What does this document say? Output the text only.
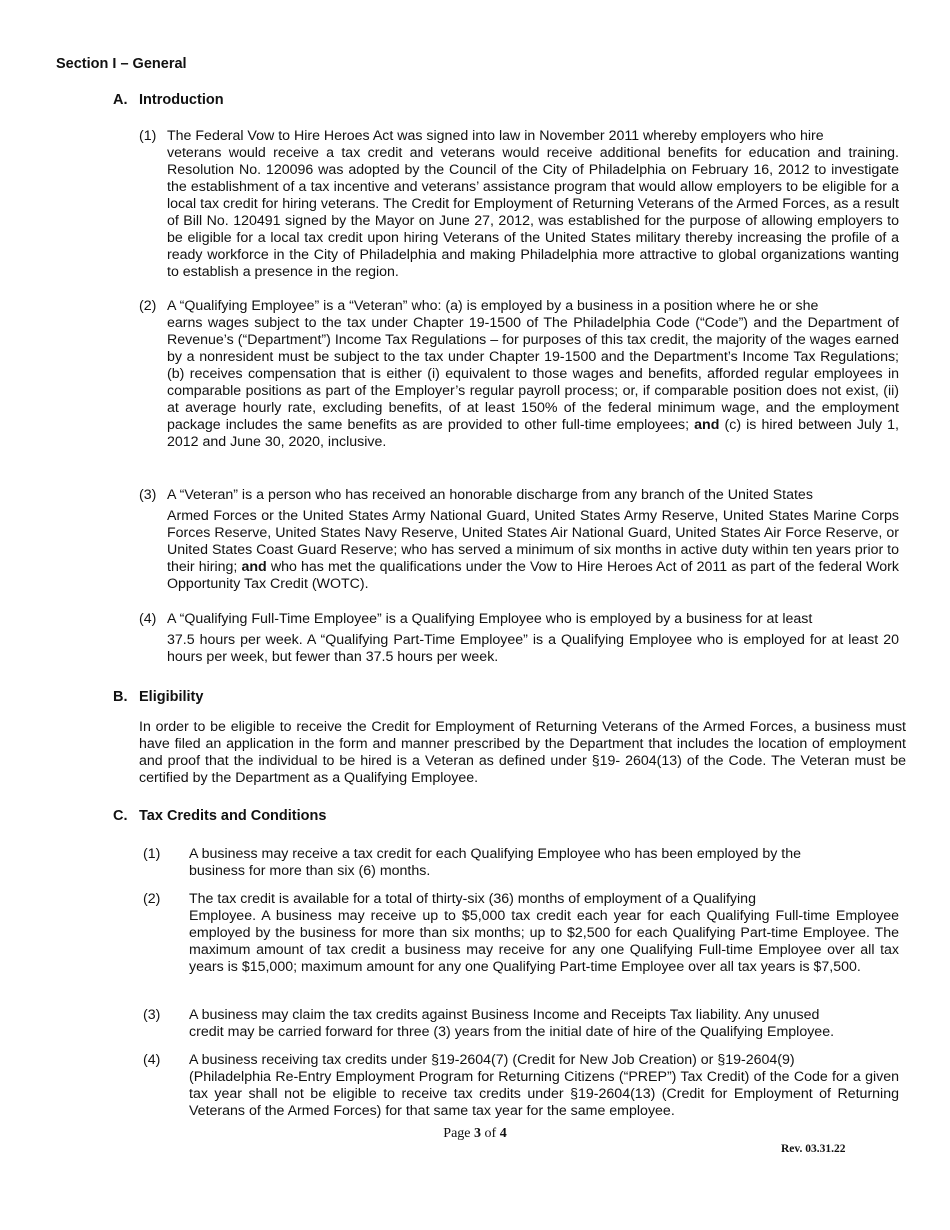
Section I – General
A. Introduction
(1) The Federal Vow to Hire Heroes Act was signed into law in November 2011 whereby employers who hire
veterans would receive a tax credit and veterans would receive additional benefits for education and training. Resolution No. 120096 was adopted by the Council of the City of Philadelphia on February 16, 2012 to investigate the establishment of a tax incentive and veterans’ assistance program that would allow employers to be eligible for a local tax credit for hiring veterans. The Credit for Employment of Returning Veterans of the Armed Forces, as a result of Bill No. 120491 signed by the Mayor on June 27, 2012, was established for the purpose of allowing employers to be eligible for a local tax credit upon hiring Veterans of the United States military thereby increasing the profile of a ready workforce in the City of Philadelphia and making Philadelphia more attractive to global organizations wanting to establish a presence in the region.
(2) A “Qualifying Employee” is a “Veteran” who: (a) is employed by a business in a position where he or she
earns wages subject to the tax under Chapter 19-1500 of The Philadelphia Code (“Code”) and the Department of Revenue’s (“Department”) Income Tax Regulations – for purposes of this tax credit, the majority of the wages earned by a nonresident must be subject to the tax under Chapter 19-1500 and the Department’s Income Tax Regulations; (b) receives compensation that is either (i) equivalent to those wages and benefits, afforded regular employees in comparable positions as part of the Employer’s regular payroll process; or, if comparable position does not exist, (ii) at average hourly rate, excluding benefits, of at least 150% of the federal minimum wage, and the employment package includes the same benefits as are provided to other full-time employees; and (c) is hired between July 1, 2012 and June 30, 2020, inclusive.
(3) A “Veteran” is a person who has received an honorable discharge from any branch of the United States
Armed Forces or the United States Army National Guard, United States Army Reserve, United States Marine Corps Forces Reserve, United States Navy Reserve, United States Air National Guard, United States Air Force Reserve, or United States Coast Guard Reserve; who has served a minimum of six months in active duty within ten years prior to their hiring; and who has met the qualifications under the Vow to Hire Heroes Act of 2011 as part of the federal Work Opportunity Tax Credit (WOTC).
(4) A “Qualifying Full-Time Employee” is a Qualifying Employee who is employed by a business for at least
37.5 hours per week. A “Qualifying Part-Time Employee” is a Qualifying Employee who is employed for at least 20 hours per week, but fewer than 37.5 hours per week.
B. Eligibility
In order to be eligible to receive the Credit for Employment of Returning Veterans of the Armed Forces, a business must have filed an application in the form and manner prescribed by the Department that includes the location of employment and proof that the individual to be hired is a Veteran as defined under §19- 2604(13) of the Code. The Veteran must be certified by the Department as a Qualifying Employee.
C. Tax Credits and Conditions
(1)	A business may receive a tax credit for each Qualifying Employee who has been employed by the
business for more than six (6) months.
(2)	The tax credit is available for a total of thirty-six (36) months of employment of a Qualifying
Employee. A business may receive up to $5,000 tax credit each year for each Qualifying Full-time Employee employed by the business for more than six months; up to $2,500 for each Qualifying Part-time Employee. The maximum amount of tax credit a business may receive for any one Qualifying Full-time Employee over all tax years is $15,000; maximum amount for any one Qualifying Part-time Employee over all tax years is $7,500.
(3)	A business may claim the tax credits against Business Income and Receipts Tax liability. Any unused
credit may be carried forward for three (3) years from the initial date of hire of the Qualifying Employee.
(4)	A business receiving tax credits under §19-2604(7) (Credit for New Job Creation) or §19-2604(9)
(Philadelphia Re-Entry Employment Program for Returning Citizens (“PREP”) Tax Credit) of the Code for a given tax year shall not be eligible to receive tax credits under §19-2604(13) (Credit for Employment of Returning Veterans of the Armed Forces) for that same tax year for the same employee.
Page 3 of 4
Rev. 03.31.22
